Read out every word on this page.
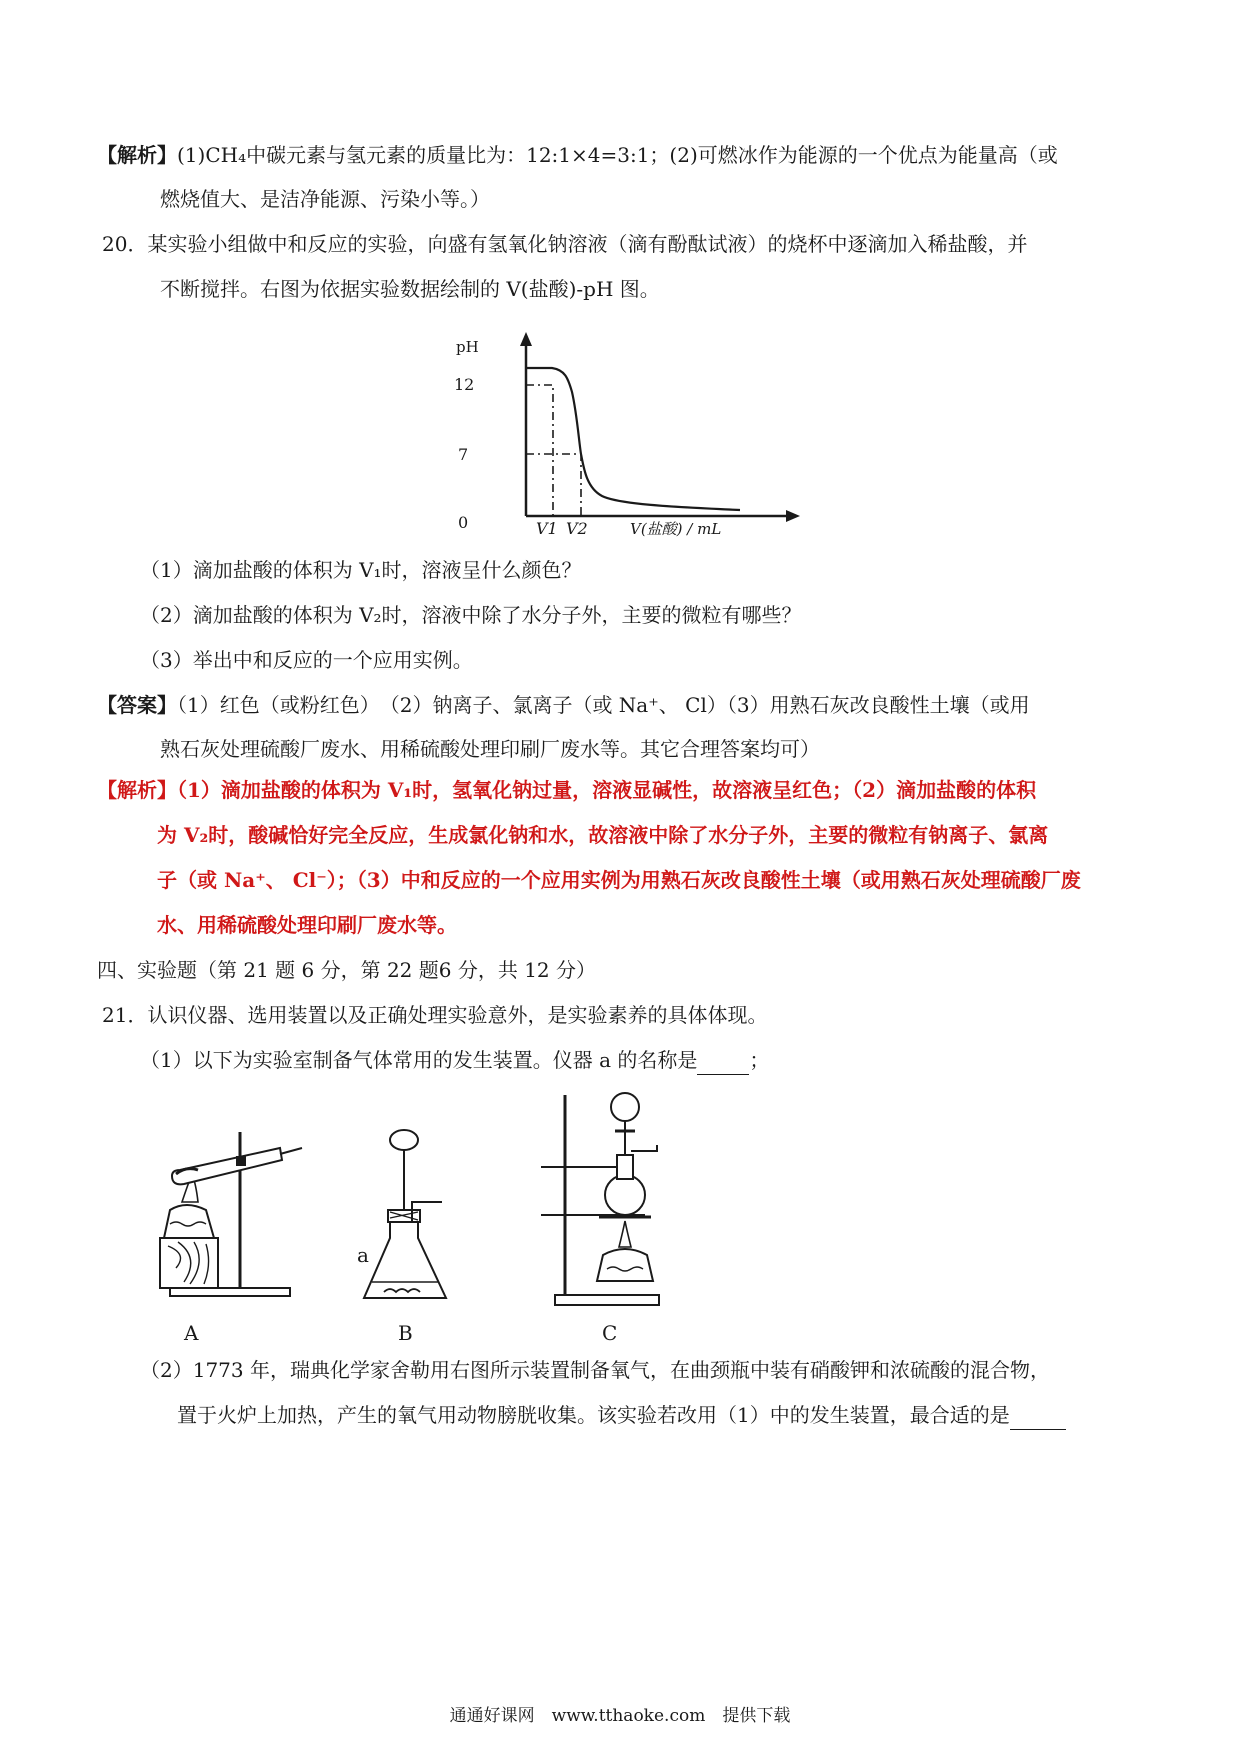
【解析】(1)CH₄中碳元素与氢元素的质量比为：12:1×4=3:1；(2)可燃冰作为能源的一个优点为能量高（或
燃烧值大、是洁净能源、污染小等。）
20．某实验小组做中和反应的实验，向盛有氢氧化钠溶液（滴有酚酞试液）的烧杯中逐滴加入稀盐酸，并
不断搅拌。右图为依据实验数据绘制的 V(盐酸)-pH 图。
pH
0
12
7
V1 V2	V(盐酸) / mL
（1）滴加盐酸的体积为 V₁时，溶液呈什么颜色？
（2）滴加盐酸的体积为 V₂时，溶液中除了水分子外，主要的微粒有哪些？
（3）举出中和反应的一个应用实例。
【答案】（1）红色（或粉红色）　（2）钠离子、氯离子（或 Na⁺、 Cl）（3）用熟石灰改良酸性土壤（或用
熟石灰处理硫酸厂废水、用稀硫酸处理印刷厂废水等。其它合理答案均可）
【解析】（1）滴加盐酸的体积为 V₁时，氢氧化钠过量，溶液显碱性，故溶液呈红色；（2）滴加盐酸的体积
为 V₂时，酸碱恰好完全反应，生成氯化钠和水，故溶液中除了水分子外，主要的微粒有钠离子、氯离
子（或 Na⁺、 Cl⁻）；（3）中和反应的一个应用实例为用熟石灰改良酸性土壤（或用熟石灰处理硫酸厂废
水、用稀硫酸处理印刷厂废水等。
四、实验题（第 21 题 6 分，第 22 题6 分，共 12 分）
21．认识仪器、选用装置以及正确处理实验意外，是实验素养的具体体现。
（1）以下为实验室制备气体常用的发生装置。仪器 a 的名称是	；
A
a
B	C
（2）1773 年，瑞典化学家舍勒用右图所示装置制备氧气，在曲颈瓶中装有硝酸钾和浓硫酸的混合物，
置于火炉上加热，产生的氧气用动物膀胱收集。该实验若改用（1）中的发生装置，最合适的是
通通好课网　www.tthaoke.com　提供下载
